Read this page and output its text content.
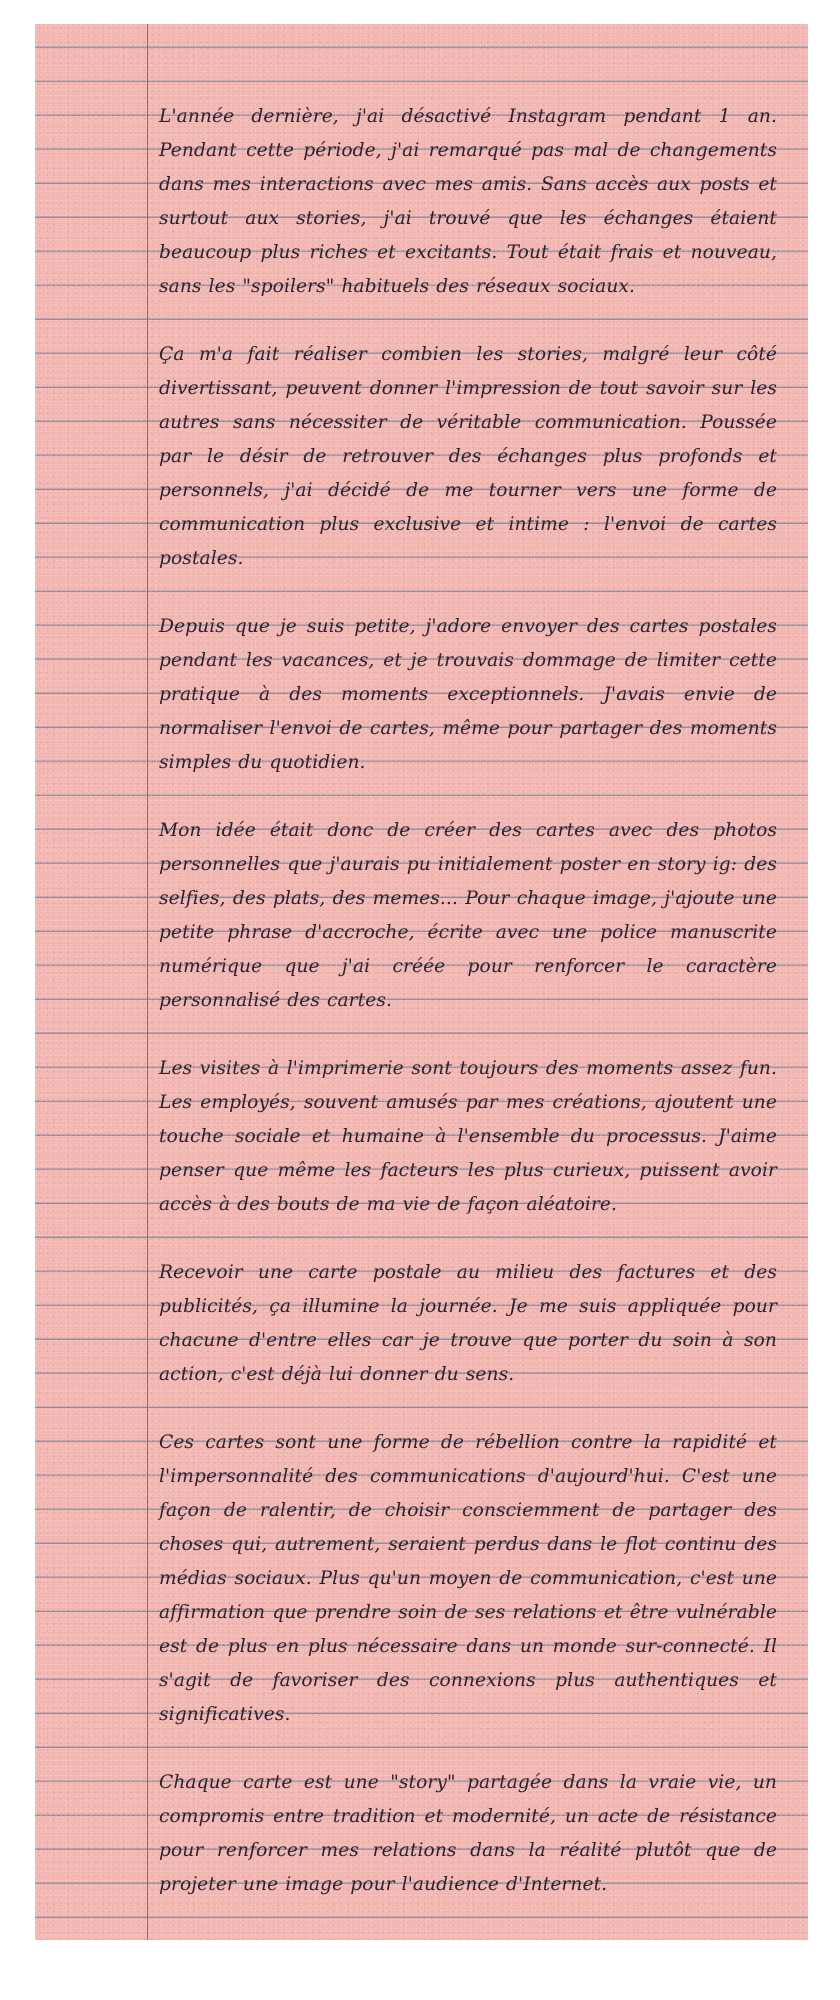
L'année dernière, j'ai désactivé Instagram pendant 1 an. Pendant cette période, j'ai remarqué pas mal de changements dans mes interactions avec mes amis. Sans accès aux posts et surtout aux stories, j'ai trouvé que les échanges étaient beaucoup plus riches et excitants. Tout était frais et nouveau, sans les "spoilers" habituels des réseaux sociaux.

Ça m'a fait réaliser combien les stories, malgré leur côté divertissant, peuvent donner l'impression de tout savoir sur les autres sans nécessiter de véritable communication. Poussée par le désir de retrouver des échanges plus profonds et personnels, j'ai décidé de me tourner vers une forme de communication plus exclusive et intime : l'envoi de cartes postales.

Depuis que je suis petite, j'adore envoyer des cartes postales pendant les vacances, et je trouvais dommage de limiter cette pratique à des moments exceptionnels. J'avais envie de normaliser l'envoi de cartes, même pour partager des moments simples du quotidien.

Mon idée était donc de créer des cartes avec des photos personnelles que j'aurais pu initialement poster en story ig: des selfies, des plats, des memes... Pour chaque image, j'ajoute une petite phrase d'accroche, écrite avec une police manuscrite numérique que j'ai créée pour renforcer le caractère personnalisé des cartes.

Les visites à l'imprimerie sont toujours des moments assez fun. Les employés, souvent amusés par mes créations, ajoutent une touche sociale et humaine à l'ensemble du processus. J'aime penser que même les facteurs les plus curieux, puissent avoir accès à des bouts de ma vie de façon aléatoire.

Recevoir une carte postale au milieu des factures et des publicités, ça illumine la journée. Je me suis appliquée pour chacune d'entre elles car je trouve que porter du soin à son action, c'est déjà lui donner du sens.

Ces cartes sont une forme de rébellion contre la rapidité et l'impersonnalité des communications d'aujourd'hui. C'est une façon de ralentir, de choisir consciemment de partager des choses qui, autrement, seraient perdus dans le flot continu des médias sociaux. Plus qu'un moyen de communication, c'est une affirmation que prendre soin de ses relations et être vulnérable est de plus en plus nécessaire dans un monde sur-connecté. Il s'agit de favoriser des connexions plus authentiques et significatives.

Chaque carte est une "story" partagée dans la vraie vie, un compromis entre tradition et modernité, un acte de résistance pour renforcer mes relations dans la réalité plutôt que de projeter une image pour l'audience d'Internet.
